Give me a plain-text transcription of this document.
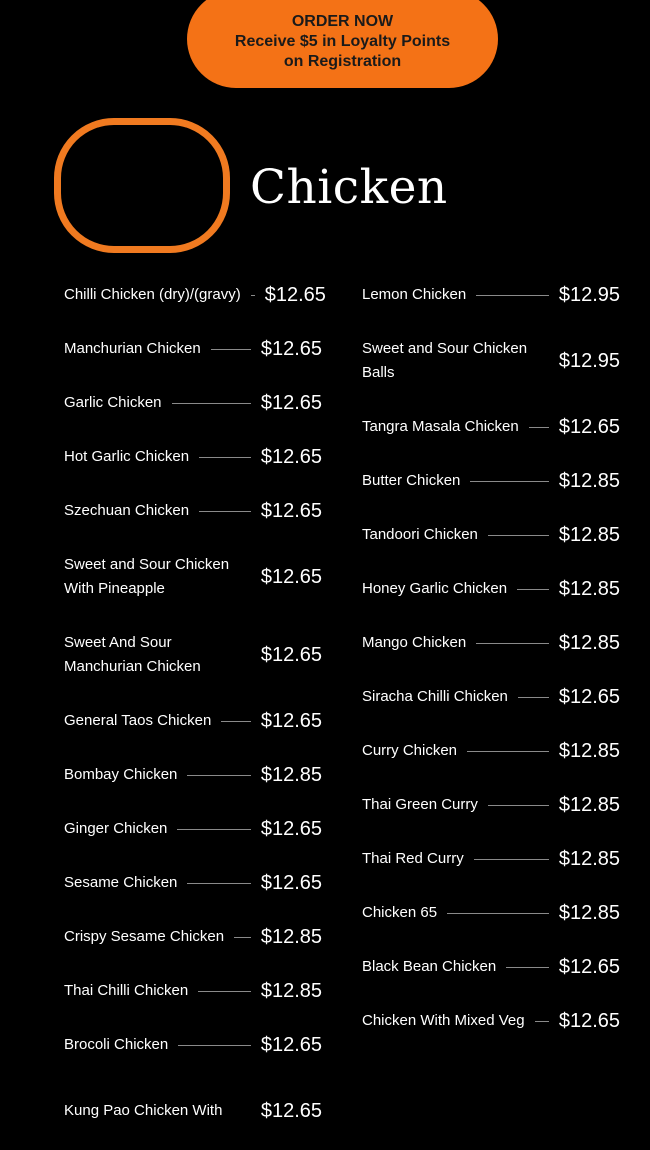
ORDER NOW
Receive $5 in Loyalty Points
on Registration
Chicken
Chilli Chicken (dry)/(gravy) $12.65
Manchurian Chicken	$12.65
Garlic Chicken	$12.65
Hot Garlic Chicken	$12.65
Szechuan Chicken	$12.65
Sweet and Sour Chicken With Pineapple
$12.65
Sweet And Sour Manchurian Chicken
$12.65
General Taos Chicken $12.65
Bombay Chicken	$12.85
Ginger Chicken	$12.65
Sesame Chicken	$12.65
Crispy Sesame Chicken $12.85
Thai Chilli Chicken	$12.85
Brocoli Chicken	$12.65
Kung Pao Chicken With $12.65
Lemon Chicken	$12.95
Sweet and Sour Chicken Balls
$12.95
Tangra Masala Chicken $12.65
Butter Chicken	$12.85
Tandoori Chicken	$12.85
Honey Garlic Chicken	$12.85
Mango Chicken	$12.85
Siracha Chilli Chicken	$12.65
Curry Chicken	$12.85
Thai Green Curry	$12.85
Thai Red Curry	$12.85
Chicken 65	$12.85
Black Bean Chicken	$12.65
Chicken With Mixed Veg $12.65
